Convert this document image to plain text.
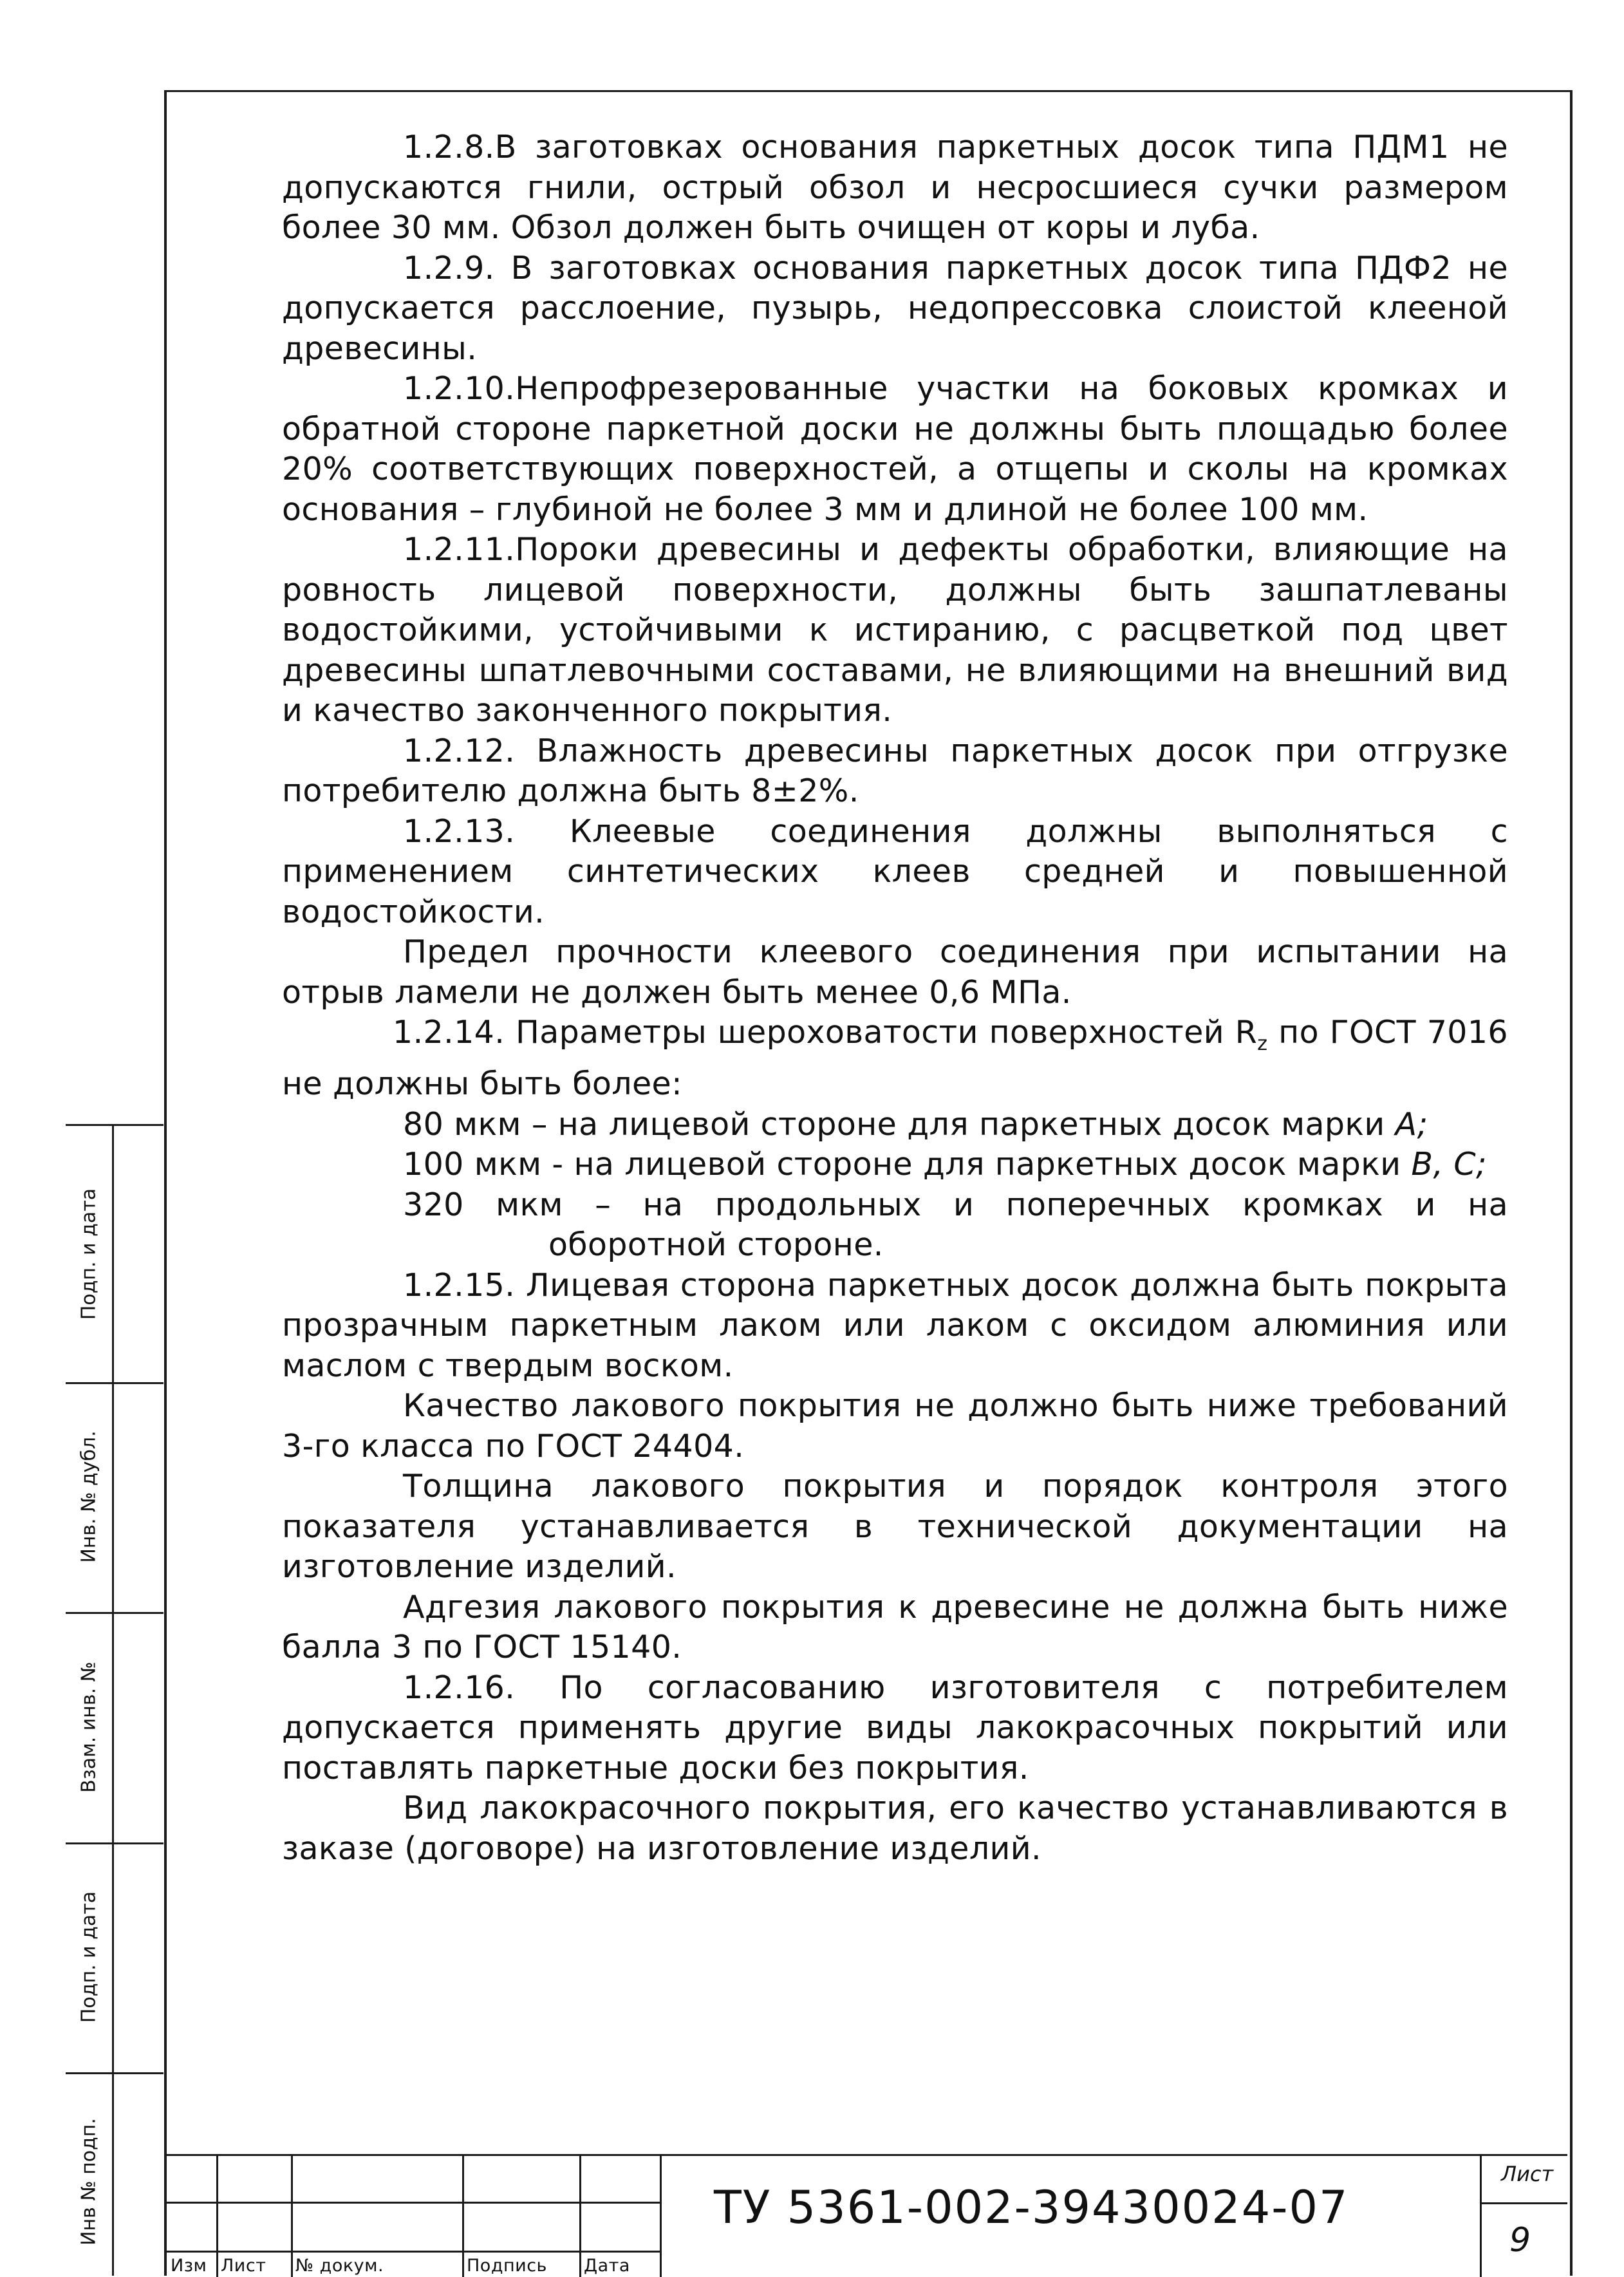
1.2.8.В заготовках основания паркетных досок типа ПДМ1 не допускаются гнили, острый обзол и несросшиеся сучки размером более 30 мм. Обзол должен быть очищен от коры и луба.

1.2.9. В заготовках основания паркетных досок типа ПДФ2 не допускается расслоение, пузырь, недопрессовка слоистой клееной древесины.

1.2.10.Непрофрезерованные участки на боковых кромках и обратной стороне паркетной доски не должны быть площадью более 20% соответствующих поверхностей, а отщепы и сколы на кромках основания – глубиной не более 3 мм и длиной не более 100 мм.

1.2.11.Пороки древесины и дефекты обработки, влияющие на ровность лицевой поверхности, должны быть зашпатлеваны водостойкими, устойчивыми к истиранию, с расцветкой под цвет древесины шпатлевочными составами, не влияющими на внешний вид и качество законченного покрытия.

1.2.12. Влажность древесины паркетных досок при отгрузке потребителю должна быть 8±2%.

1.2.13. Клеевые соединения должны выполняться с применением синтетических клеев средней и повышенной водостойкости.

Предел прочности клеевого соединения при испытании на отрыв ламели не должен быть менее 0,6 МПа.

1.2.14. Параметры шероховатости поверхностей $R_z$ по ГОСТ 7016 не должны быть более:

80 мкм – на лицевой стороне для паркетных досок марки А;

100 мкм - на лицевой стороне для паркетных досок марки В, С;

320 мкм – на продольных и поперечных кромках и на
оборотной стороне.

1.2.15. Лицевая сторона паркетных досок должна быть покрыта прозрачным паркетным лаком или лаком с оксидом алюминия или маслом с твердым воском.

Качество лакового покрытия не должно быть ниже требований 3-го класса по ГОСТ 24404.

Толщина лакового покрытия и порядок контроля этого показателя устанавливается в технической документации на изготовление изделий.

Адгезия лакового покрытия к древесине не должна быть ниже балла 3 по ГОСТ 15140.

1.2.16. По согласованию изготовителя с потребителем допускается применять другие виды лакокрасочных покрытий или поставлять паркетные доски без покрытия.

Вид лакокрасочного покрытия, его качество устанавливаются в заказе (договоре) на изготовление изделий.

Подп. и дата
Инв. № дубл.
Взам. инв. №
Подп. и дата
Инв № подп.
Изм Лист № докум.	Подпись Дата
ТУ 5361-002-39430024-07
Лист
9
